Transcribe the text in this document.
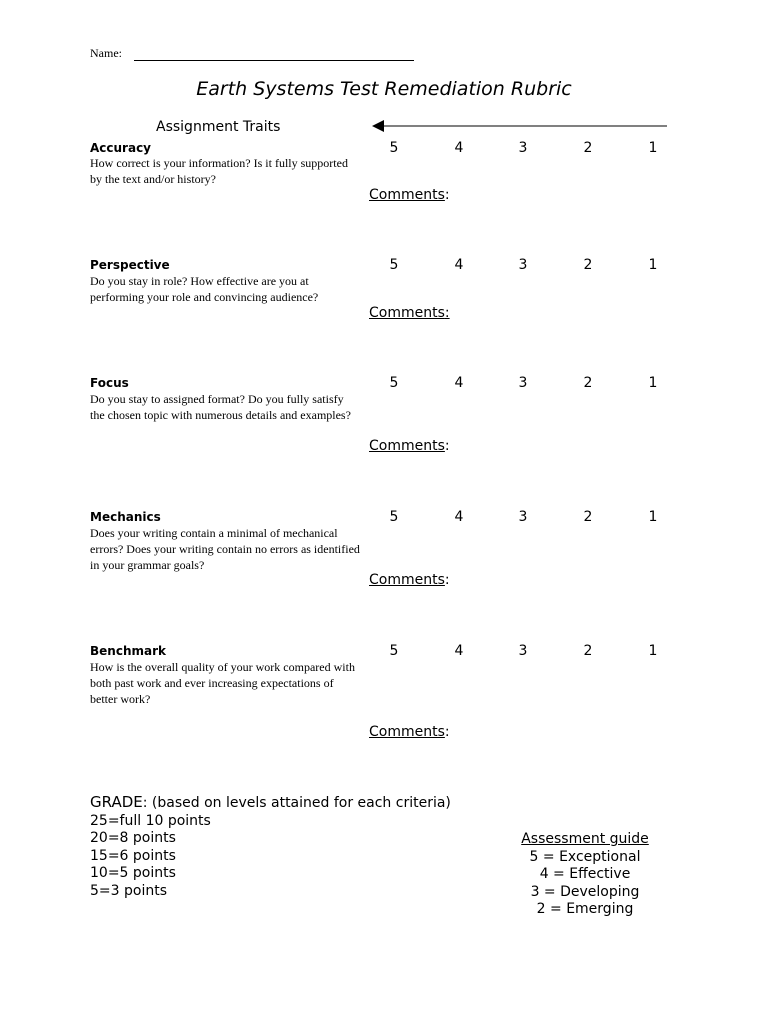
Name:
Earth Systems Test Remediation Rubric
Assignment Traits
Accuracy
How correct is your information? Is it fully supported by the text and/or history?
5	4	3	2	1
Comments:
Perspective
Do you stay in role? How effective are you at performing your role and convincing audience?
5	4	3	2	1
Comments:
Focus
Do you stay to assigned format? Do you fully satisfy the chosen topic with numerous details and examples?
5	4	3	2	1
Comments:
Mechanics
Does your writing contain a minimal of mechanical errors? Does your writing contain no errors as identified in your grammar goals?
5	4	3	2	1
Comments:
Benchmark
How is the overall quality of your work compared with both past work and ever increasing expectations of better work?
5	4	3	2	1
Comments:
GRADE: (based on levels attained for each criteria)
25=full 10 points
20=8 points
15=6 points
10=5 points
5=3 points
Assessment guide
5 = Exceptional
4 = Effective
3 = Developing
2 = Emerging
